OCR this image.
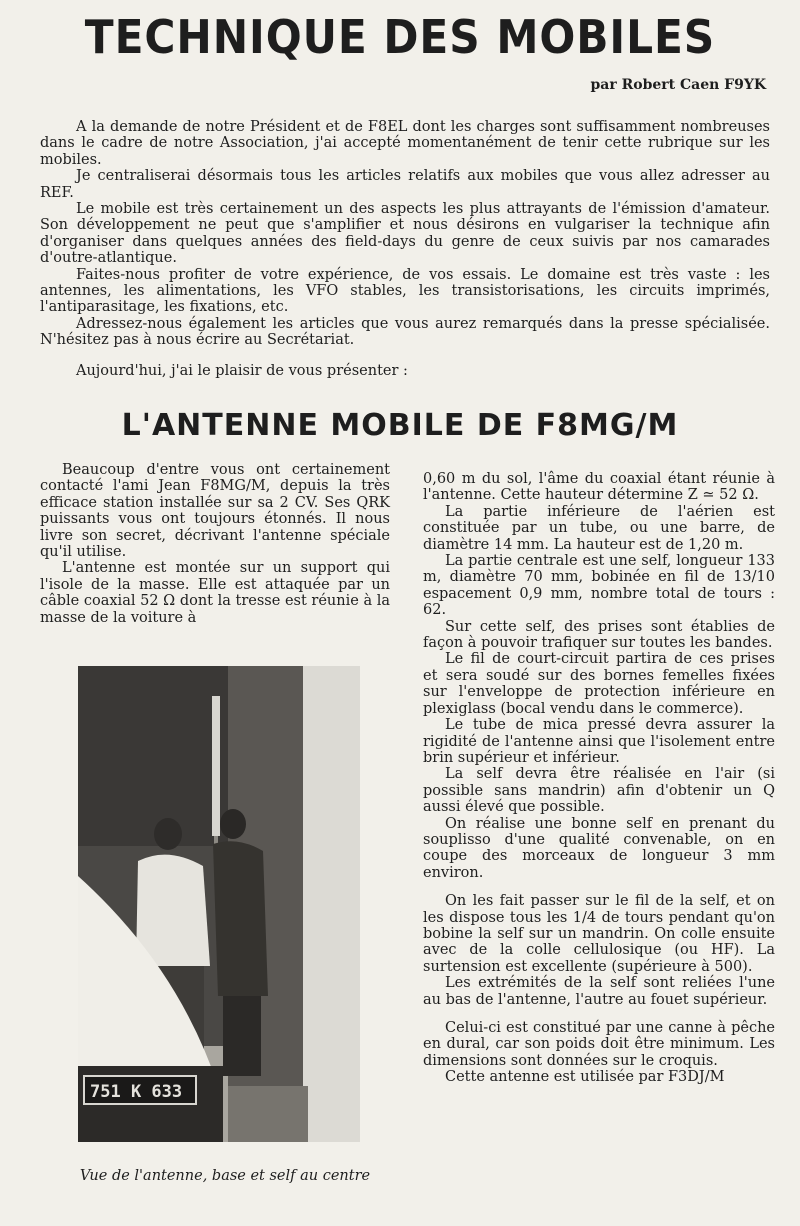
TECHNIQUE DES MOBILES
par Robert Caen F9YK

A la demande de notre Président et de F8EL dont les charges sont suffisamment nombreuses dans le cadre de notre Association, j'ai accepté momentanément de tenir cette rubrique sur les mobiles.

Je centraliserai désormais tous les articles relatifs aux mobiles que vous allez adresser au REF.

Le mobile est très certainement un des aspects les plus attrayants de l'émission d'amateur. Son développement ne peut que s'amplifier et nous désirons en vulgariser la technique afin d'organiser dans quelques années des field-days du genre de ceux suivis par nos camarades d'outre-atlantique.

Faites-nous profiter de votre expérience, de vos essais. Le domaine est très vaste : les antennes, les alimentations, les VFO stables, les transistorisations, les circuits imprimés, l'antiparasitage, les fixations, etc.

Adressez-nous également les articles que vous aurez remarqués dans la presse spécialisée. N'hésitez pas à nous écrire au Secrétariat.

Aujourd'hui, j'ai le plaisir de vous présenter :

L'ANTENNE MOBILE DE F8MG/M

Beaucoup d'entre vous ont certainement contacté l'ami Jean F8MG/M, depuis la très efficace station installée sur sa 2 CV. Ses QRK puissants vous ont toujours étonnés. Il nous livre son secret, décrivant l'antenne spéciale qu'il utilise.

L'antenne est montée sur un support qui l'isole de la masse. Elle est attaquée par un câble coaxial 52 Ω dont la tresse est réunie à la masse de la voiture à

751 K 633
Vue de l'antenne, base et self au centre

0,60 m du sol, l'âme du coaxial étant réunie à l'antenne. Cette hauteur détermine Z ≃ 52 Ω.

La partie inférieure de l'aérien est constituée par un tube, ou une barre, de diamètre 14 mm. La hauteur est de 1,20 m.

La partie centrale est une self, longueur 133 m, diamètre 70 mm, bobinée en fil de 13/10 espacement 0,9 mm, nombre total de tours : 62.

Sur cette self, des prises sont établies de façon à pouvoir trafiquer sur toutes les bandes.

Le fil de court-circuit partira de ces prises et sera soudé sur des bornes femelles fixées sur l'enveloppe de protection inférieure en plexiglass (bocal vendu dans le commerce).

Le tube de mica pressé devra assurer la rigidité de l'antenne ainsi que l'isolement entre brin supérieur et inférieur.

La self devra être réalisée en l'air (si possible sans mandrin) afin d'obtenir un Q aussi élevé que possible.

On réalise une bonne self en prenant du souplisso d'une qualité convenable, on en coupe des morceaux de longueur 3 mm environ.

On les fait passer sur le fil de la self, et on les dispose tous les 1/4 de tours pendant qu'on bobine la self sur un mandrin. On colle ensuite avec de la colle cellulosique (ou HF). La surtension est excellente (supérieure à 500).

Les extrémités de la self sont reliées l'une au bas de l'antenne, l'autre au fouet supérieur.

Celui-ci est constitué par une canne à pêche en dural, car son poids doit être minimum. Les dimensions sont données sur le croquis.

Cette antenne est utilisée par F3DJ/M
